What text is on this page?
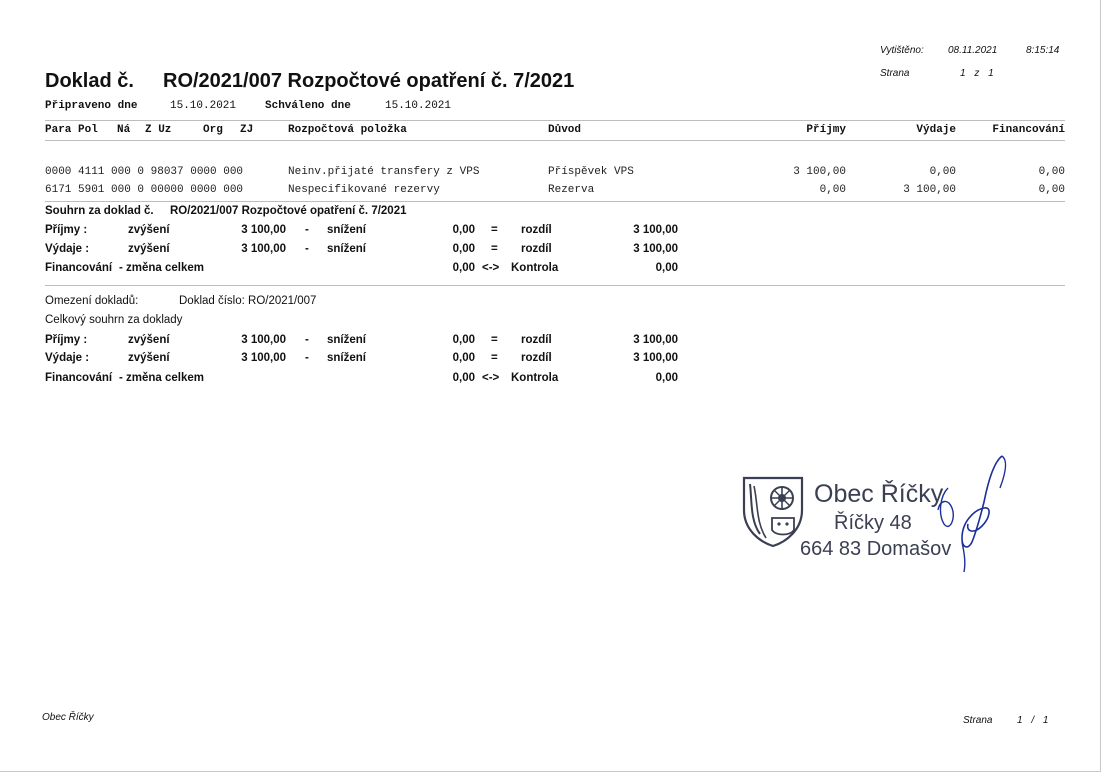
Vytištěno: 08.11.2021	8:15:14
Strana	1 z 1
Doklad č. RO/2021/007 Rozpočtové opatření č. 7/2021
Připraveno dne	15.10.2021	Schváleno dne	15.10.2021
Para Pol Ná Z Uz	Org ZJ	Rozpočtová položka	Důvod	Příjmy	Výdaje	Financování
0000 4111 000 0 98037 0000 000	Neinv.přijaté transfery z VPS	Příspěvek VPS	3 100,00	0,00	0,00
6171 5901 000 0 00000 0000 000	Nespecifikované rezervy	Rezerva	0,00	3 100,00	0,00
Souhrn za doklad č. RO/2021/007 Rozpočtové opatření č. 7/2021
Příjmy :	zvýšení	3 100,00 - snížení	0,00 = rozdíl	3 100,00
Výdaje :	zvýšení	3 100,00 - snížení	0,00 = rozdíl	3 100,00
Financování - změna celkem	0,00 <-> Kontrola	0,00
Omezení dokladů:	Doklad číslo: RO/2021/007
Celkový souhrn za doklady
Příjmy :	zvýšení	3 100,00 - snížení	0,00 = rozdíl	3 100,00
Výdaje :	zvýšení	3 100,00 - snížení	0,00 = rozdíl	3 100,00
Financování - změna celkem	0,00 <-> Kontrola	0,00
Obec Říčky
Říčky 48
664 83 Domašov
Obec Říčky	Strana 1 / 1
